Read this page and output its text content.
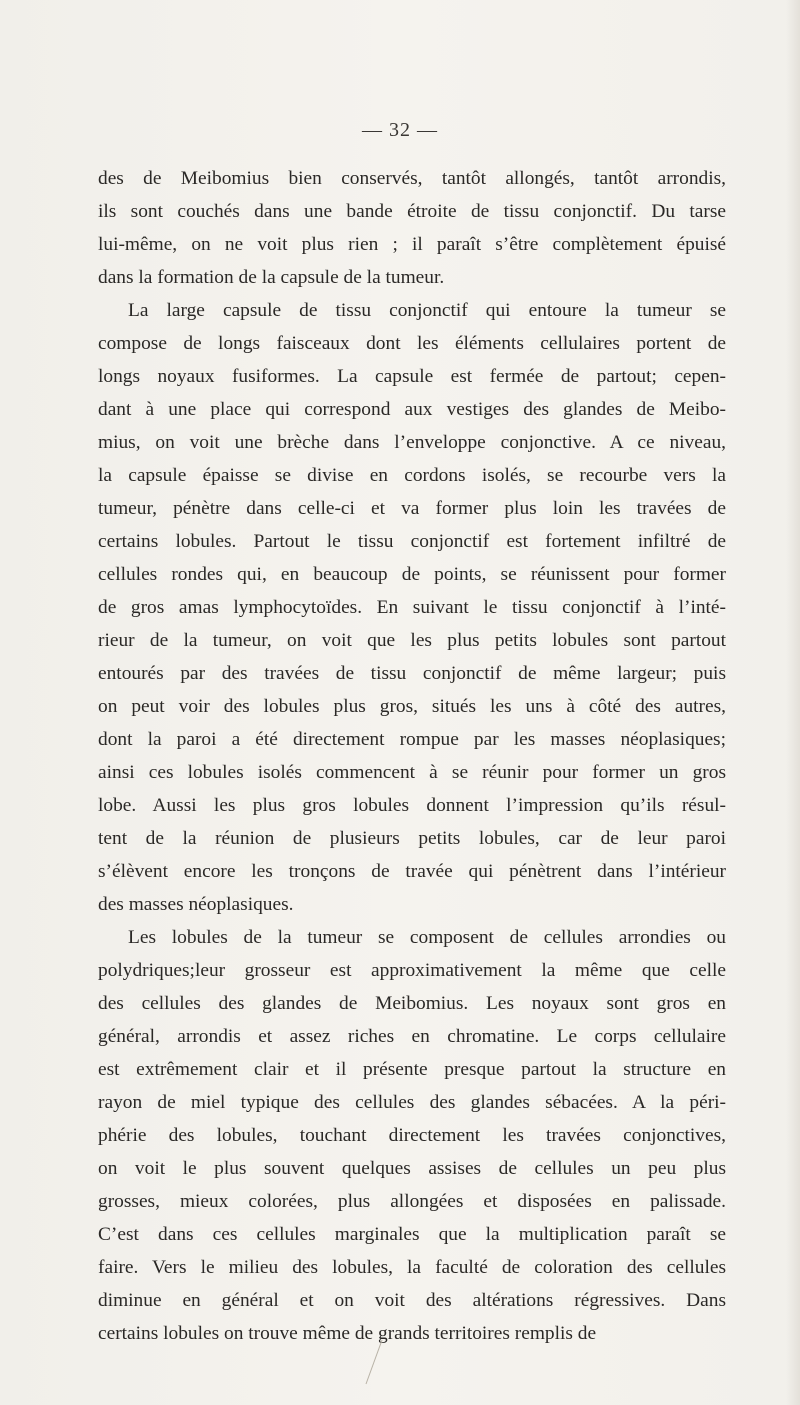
— 32 —
des de Meibomius bien conservés, tantôt allongés, tantôt arrondis,
ils sont couchés dans une bande étroite de tissu conjonctif. Du tarse
lui-même, on ne voit plus rien ; il paraît s’être complètement épuisé
dans la formation de la capsule de la tumeur.
La large capsule de tissu conjonctif qui entoure la tumeur se
compose de longs faisceaux dont les éléments cellulaires portent de
longs noyaux fusiformes. La capsule est fermée de partout; cepen-
dant à une place qui correspond aux vestiges des glandes de Meibo-
mius, on voit une brèche dans l’enveloppe conjonctive. A ce niveau,
la capsule épaisse se divise en cordons isolés, se recourbe vers la
tumeur, pénètre dans celle-ci et va former plus loin les travées de
certains lobules. Partout le tissu conjonctif est fortement infiltré de
cellules rondes qui, en beaucoup de points, se réunissent pour former
de gros amas lymphocytoïdes. En suivant le tissu conjonctif à l’inté-
rieur de la tumeur, on voit que les plus petits lobules sont partout
entourés par des travées de tissu conjonctif de même largeur; puis
on peut voir des lobules plus gros, situés les uns à côté des autres,
dont la paroi a été directement rompue par les masses néoplasiques;
ainsi ces lobules isolés commencent à se réunir pour former un gros
lobe. Aussi les plus gros lobules donnent l’impression qu’ils résul-
tent de la réunion de plusieurs petits lobules, car de leur paroi
s’élèvent encore les tronçons de travée qui pénètrent dans l’intérieur
des masses néoplasiques.
Les lobules de la tumeur se composent de cellules arrondies ou
polydriques;leur grosseur est approximativement la même que celle
des cellules des glandes de Meibomius. Les noyaux sont gros en
général, arrondis et assez riches en chromatine. Le corps cellulaire
est extrêmement clair et il présente presque partout la structure en
rayon de miel typique des cellules des glandes sébacées. A la péri-
phérie des lobules, touchant directement les travées conjonctives,
on voit le plus souvent quelques assises de cellules un peu plus
grosses, mieux colorées, plus allongées et disposées en palissade.
C’est dans ces cellules marginales que la multiplication paraît se
faire. Vers le milieu des lobules, la faculté de coloration des cellules
diminue en général et on voit des altérations régressives. Dans
certains lobules on trouve même de grands territoires remplis de
